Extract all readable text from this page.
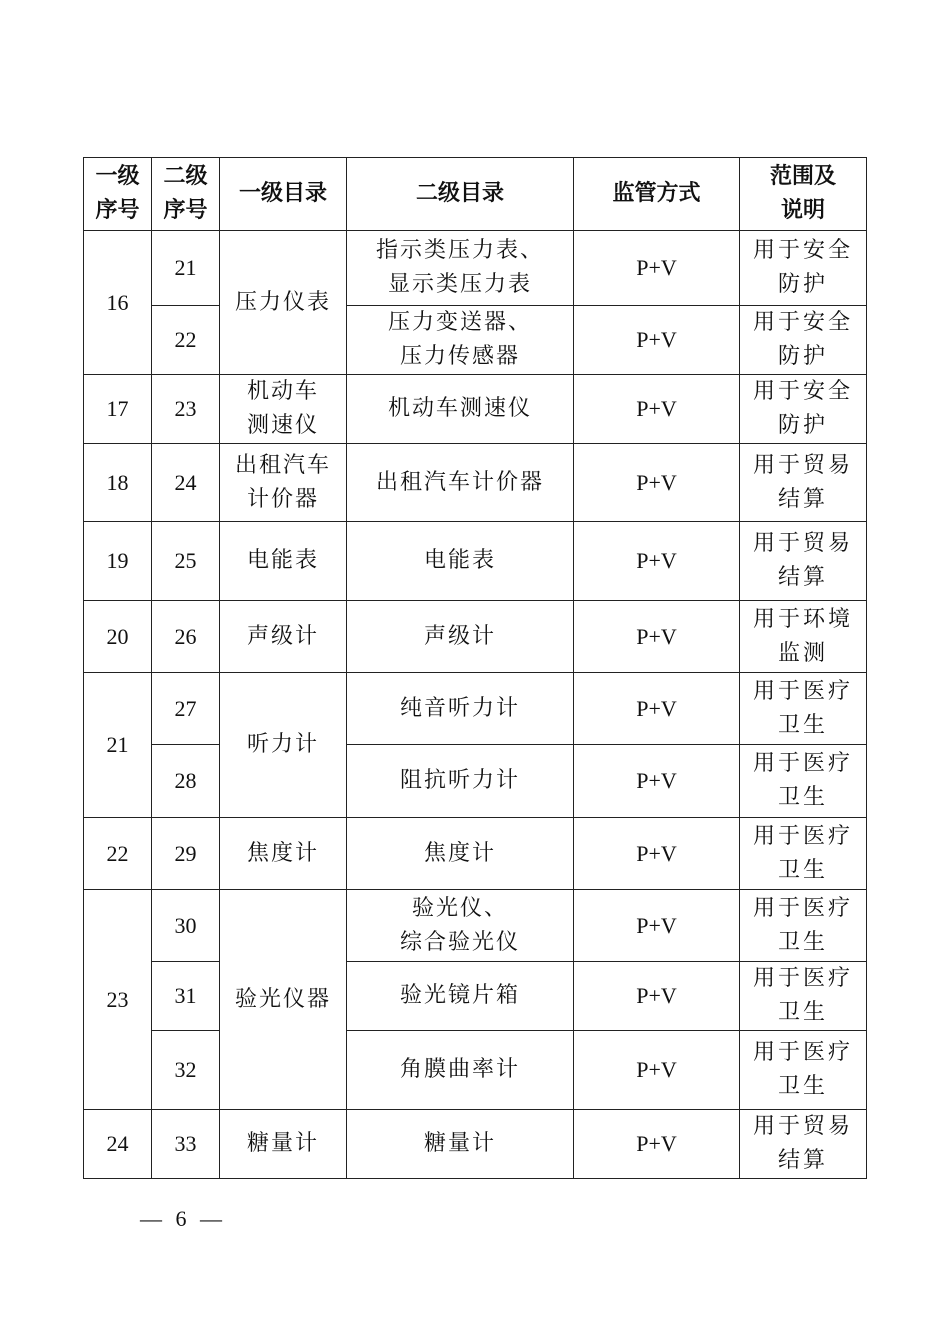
一级
序号	二级
序号	一级目录	二级目录	监管方式	范围及
说明
16	21	压力仪表	指示类压力表、
显示类压力表	P+V	用于安全
防护
	22		压力变送器、
压力传感器	P+V	用于安全
防护
17	23	机动车
测速仪	机动车测速仪	P+V	用于安全
防护
18	24	出租汽车
计价器	出租汽车计价器	P+V	用于贸易
结算
19	25	电能表	电能表	P+V	用于贸易
结算
20	26	声级计	声级计	P+V	用于环境
监测
21	27	听力计	纯音听力计	P+V	用于医疗
卫生
	28		阻抗听力计	P+V	用于医疗
卫生
22	29	焦度计	焦度计	P+V	用于医疗
卫生
23	30	验光仪器	验光仪、
综合验光仪	P+V	用于医疗
卫生
	31		验光镜片箱	P+V	用于医疗
卫生
	32		角膜曲率计	P+V	用于医疗
卫生
24	33	糖量计	糖量计	P+V	用于贸易
结算
— 6 —
